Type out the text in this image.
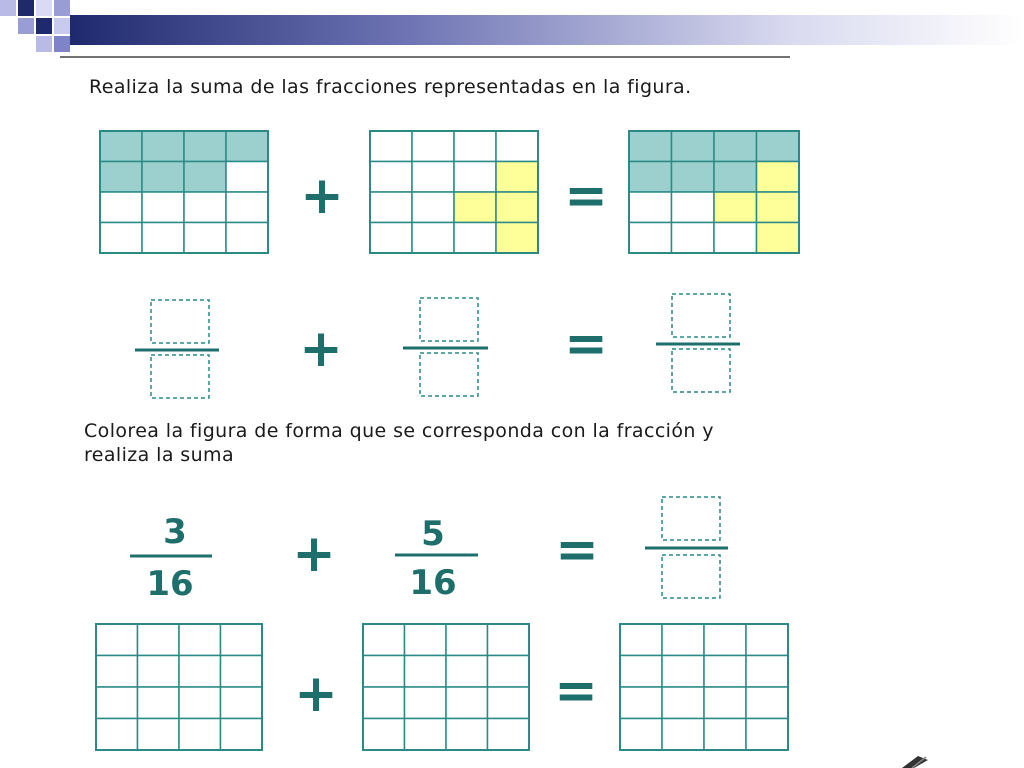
Realiza la suma de las fracciones representadas en la figura.
Colorea la figura de forma que se corresponda con la fracción y
realiza la suma
+	=
+	=
3
16 +	5
16
=
+	=
